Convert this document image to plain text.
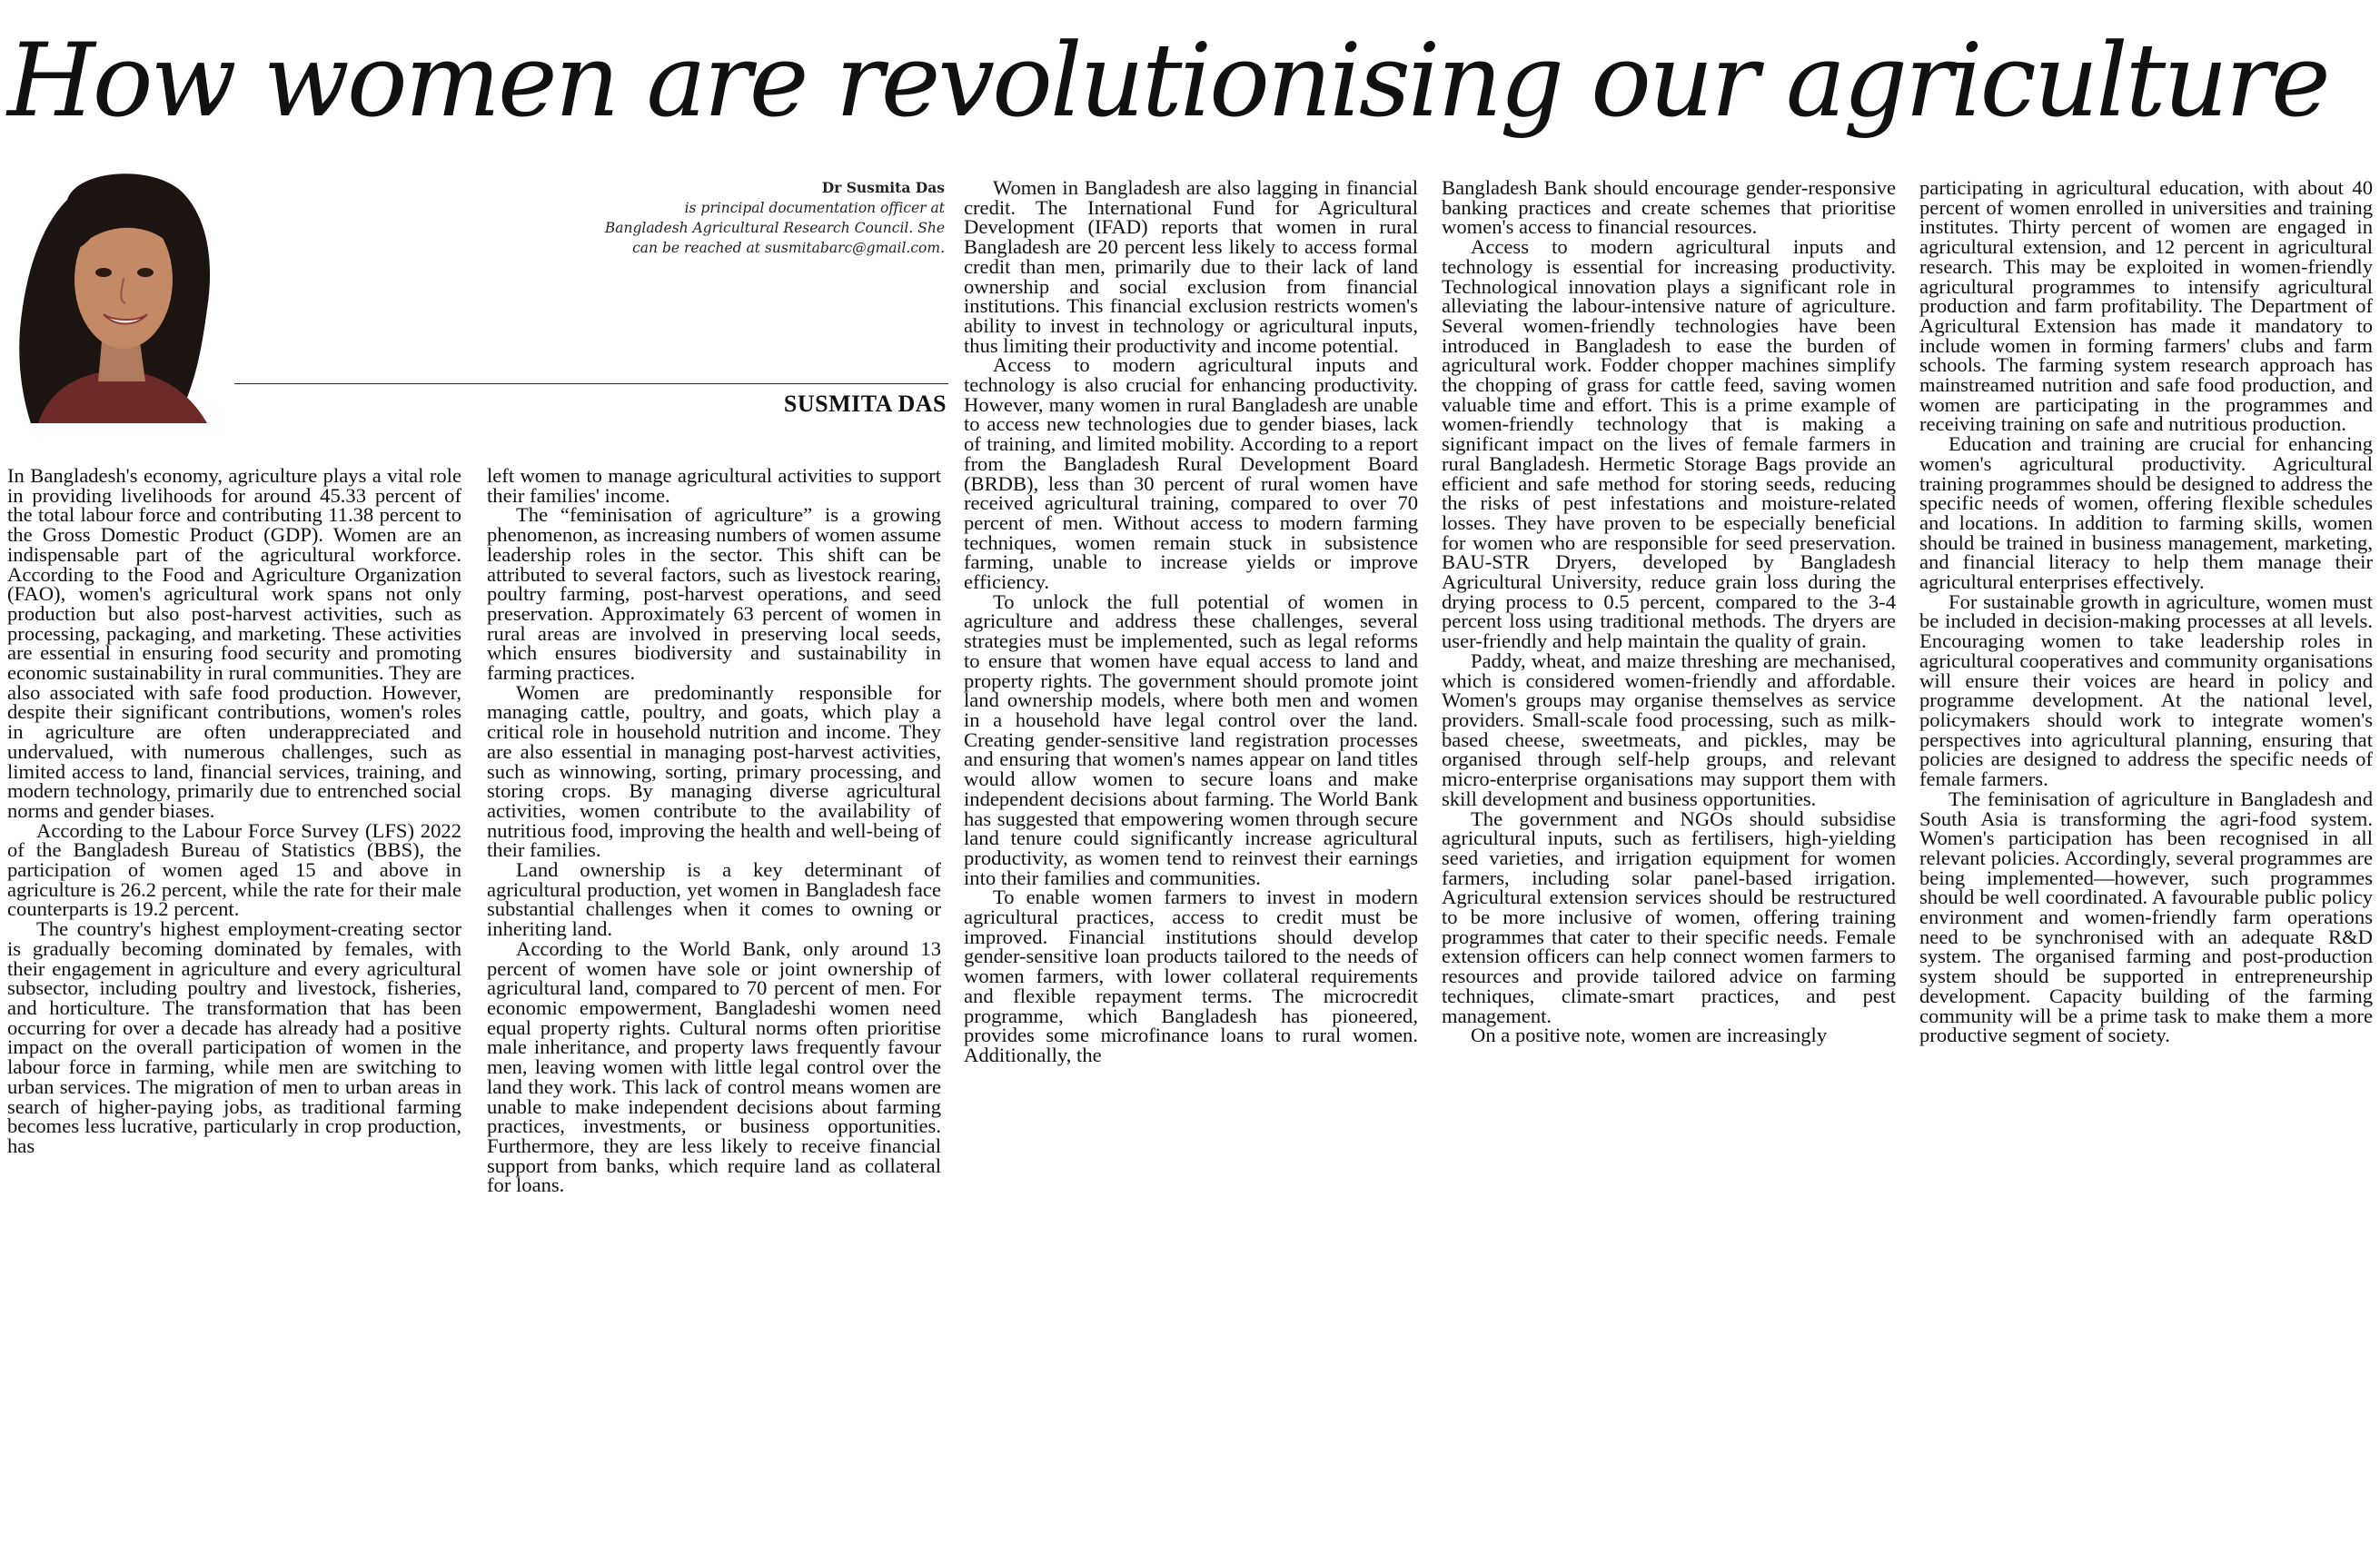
How women are revolutionising our agriculture
Dr Susmita Das
is principal documentation officer at
Bangladesh Agricultural Research Council. She
can be reached at susmitabarc@gmail.com.
SUSMITA DAS

In Bangladesh's economy, agriculture plays a vital role in providing livelihoods for around 45.33 percent of the total labour force and contributing 11.38 percent to the Gross Domestic Product (GDP). Women are an indispensable part of the agricultural workforce. According to the Food and Agriculture Organization (FAO), women's agricultural work spans not only production but also post-harvest activities, such as processing, packaging, and marketing. These activities are essential in ensuring food security and promoting economic sustainability in rural communities. They are also associated with safe food production. However, despite their significant contributions, women's roles in agriculture are often underappreciated and undervalued, with numerous challenges, such as limited access to land, financial services, training, and modern technology, primarily due to entrenched social norms and gender biases.

According to the Labour Force Survey (LFS) 2022 of the Bangladesh Bureau of Statistics (BBS), the participation of women aged 15 and above in agriculture is 26.2 percent, while the rate for their male counterparts is 19.2 percent.

The country's highest employment-creating sector is gradually becoming dominated by females, with their engagement in agriculture and every agricultural subsector, including poultry and livestock, fisheries, and horticulture. The transformation that has been occurring for over a decade has already had a positive impact on the overall participation of women in the labour force in farming, while men are switching to urban services. The migration of men to urban areas in search of higher-paying jobs, as traditional farming becomes less lucrative, particularly in crop production, has

left women to manage agricultural activities to support their families' income.

The “feminisation of agriculture” is a growing phenomenon, as increasing numbers of women assume leadership roles in the sector. This shift can be attributed to several factors, such as livestock rearing, poultry farming, post-harvest operations, and seed preservation. Approximately 63 percent of women in rural areas are involved in preserving local seeds, which ensures biodiversity and sustainability in farming practices.

Women are predominantly responsible for managing cattle, poultry, and goats, which play a critical role in household nutrition and income. They are also essential in managing post-harvest activities, such as winnowing, sorting, primary processing, and storing crops. By managing diverse agricultural activities, women contribute to the availability of nutritious food, improving the health and well-being of their families.

Land ownership is a key determinant of agricultural production, yet women in Bangladesh face substantial challenges when it comes to owning or inheriting land.

According to the World Bank, only around 13 percent of women have sole or joint ownership of agricultural land, compared to 70 percent of men. For economic empowerment, Bangladeshi women need equal property rights. Cultural norms often prioritise male inheritance, and property laws frequently favour men, leaving women with little legal control over the land they work. This lack of control means women are unable to make independent decisions about farming practices, investments, or business opportunities. Furthermore, they are less likely to receive financial support from banks, which require land as collateral for loans.

Women in Bangladesh are also lagging in financial credit. The International Fund for Agricultural Development (IFAD) reports that women in rural Bangladesh are 20 percent less likely to access formal credit than men, primarily due to their lack of land ownership and social exclusion from financial institutions. This financial exclusion restricts women's ability to invest in technology or agricultural inputs, thus limiting their productivity and income potential.

Access to modern agricultural inputs and technology is also crucial for enhancing productivity. However, many women in rural Bangladesh are unable to access new technologies due to gender biases, lack of training, and limited mobility. According to a report from the Bangladesh Rural Development Board (BRDB), less than 30 percent of rural women have received agricultural training, compared to over 70 percent of men. Without access to modern farming techniques, women remain stuck in subsistence farming, unable to increase yields or improve efficiency.

To unlock the full potential of women in agriculture and address these challenges, several strategies must be implemented, such as legal reforms to ensure that women have equal access to land and property rights. The government should promote joint land ownership models, where both men and women in a household have legal control over the land. Creating gender-sensitive land registration processes and ensuring that women's names appear on land titles would allow women to secure loans and make independent decisions about farming. The World Bank has suggested that empowering women through secure land tenure could significantly increase agricultural productivity, as women tend to reinvest their earnings into their families and communities.

To enable women farmers to invest in modern agricultural practices, access to credit must be improved. Financial institutions should develop gender-sensitive loan products tailored to the needs of women farmers, with lower collateral requirements and flexible repayment terms. The microcredit programme, which Bangladesh has pioneered, provides some microfinance loans to rural women. Additionally, the

Bangladesh Bank should encourage gender-responsive banking practices and create schemes that prioritise women's access to financial resources.

Access to modern agricultural inputs and technology is essential for increasing productivity. Technological innovation plays a significant role in alleviating the labour-intensive nature of agriculture. Several women-friendly technologies have been introduced in Bangladesh to ease the burden of agricultural work. Fodder chopper machines simplify the chopping of grass for cattle feed, saving women valuable time and effort. This is a prime example of women-friendly technology that is making a significant impact on the lives of female farmers in rural Bangladesh. Hermetic Storage Bags provide an efficient and safe method for storing seeds, reducing the risks of pest infestations and moisture-related losses. They have proven to be especially beneficial for women who are responsible for seed preservation. BAU-STR Dryers, developed by Bangladesh Agricultural University, reduce grain loss during the drying process to 0.5 percent, compared to the 3-4 percent loss using traditional methods. The dryers are user-friendly and help maintain the quality of grain.

Paddy, wheat, and maize threshing are mechanised, which is considered women-friendly and affordable. Women's groups may organise themselves as service providers. Small-scale food processing, such as milk-based cheese, sweetmeats, and pickles, may be organised through self-help groups, and relevant micro-enterprise organisations may support them with skill development and business opportunities.

The government and NGOs should subsidise agricultural inputs, such as fertilisers, high-yielding seed varieties, and irrigation equipment for women farmers, including solar panel-based irrigation. Agricultural extension services should be restructured to be more inclusive of women, offering training programmes that cater to their specific needs. Female extension officers can help connect women farmers to resources and provide tailored advice on farming techniques, climate-smart practices, and pest management.

On a positive note, women are increasingly

participating in agricultural education, with about 40 percent of women enrolled in universities and training institutes. Thirty percent of women are engaged in agricultural extension, and 12 percent in agricultural research. This may be exploited in women-friendly agricultural programmes to intensify agricultural production and farm profitability. The Department of Agricultural Extension has made it mandatory to include women in forming farmers' clubs and farm schools. The farming system research approach has mainstreamed nutrition and safe food production, and women are participating in the programmes and receiving training on safe and nutritious production.

Education and training are crucial for enhancing women's agricultural productivity. Agricultural training programmes should be designed to address the specific needs of women, offering flexible schedules and locations. In addition to farming skills, women should be trained in business management, marketing, and financial literacy to help them manage their agricultural enterprises effectively.

For sustainable growth in agriculture, women must be included in decision-making processes at all levels. Encouraging women to take leadership roles in agricultural cooperatives and community organisations will ensure their voices are heard in policy and programme development. At the national level, policymakers should work to integrate women's perspectives into agricultural planning, ensuring that policies are designed to address the specific needs of female farmers.

The feminisation of agriculture in Bangladesh and South Asia is transforming the agri-food system. Women's participation has been recognised in all relevant policies. Accordingly, several programmes are being implemented—however, such programmes should be well coordinated. A favourable public policy environment and women-friendly farm operations need to be synchronised with an adequate R&D system. The organised farming and post-production system should be supported in entrepreneurship development. Capacity building of the farming community will be a prime task to make them a more productive segment of society.
